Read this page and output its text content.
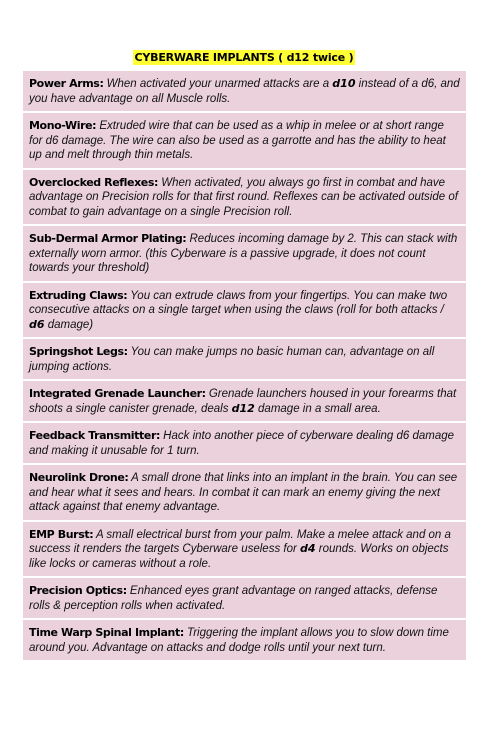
CYBERWARE IMPLANTS ( d12 twice )
Power Arms: When activated your unarmed attacks are a d10 instead of a d6, and you have advantage on all Muscle rolls.
Mono-Wire: Extruded wire that can be used as a whip in melee or at short range for d6 damage. The wire can also be used as a garrotte and has the ability to heat up and melt through thin metals.
Overclocked Reflexes: When activated, you always go first in combat and have advantage on Precision rolls for that first round. Reflexes can be activated outside of combat to gain advantage on a single Precision roll.
Sub-Dermal Armor Plating: Reduces incoming damage by 2. This can stack with externally worn armor. (this Cyberware is a passive upgrade, it does not count towards your threshold)
Extruding Claws: You can extrude claws from your fingertips. You can make two consecutive attacks on a single target when using the claws (roll for both attacks / d6 damage)
Springshot Legs: You can make jumps no basic human can, advantage on all jumping actions.
Integrated Grenade Launcher: Grenade launchers housed in your forearms that shoots a single canister grenade, deals d12 damage in a small area.
Feedback Transmitter: Hack into another piece of cyberware dealing d6 damage and making it unusable for 1 turn.
Neurolink Drone: A small drone that links into an implant in the brain. You can see and hear what it sees and hears. In combat it can mark an enemy giving the next attack against that enemy advantage.
EMP Burst: A small electrical burst from your palm. Make a melee attack and on a success it renders the targets Cyberware useless for d4 rounds. Works on objects like locks or cameras without a role.
Precision Optics: Enhanced eyes grant advantage on ranged attacks, defense rolls & perception rolls when activated.
Time Warp Spinal Implant: Triggering the implant allows you to slow down time around you. Advantage on attacks and dodge rolls until your next turn.
